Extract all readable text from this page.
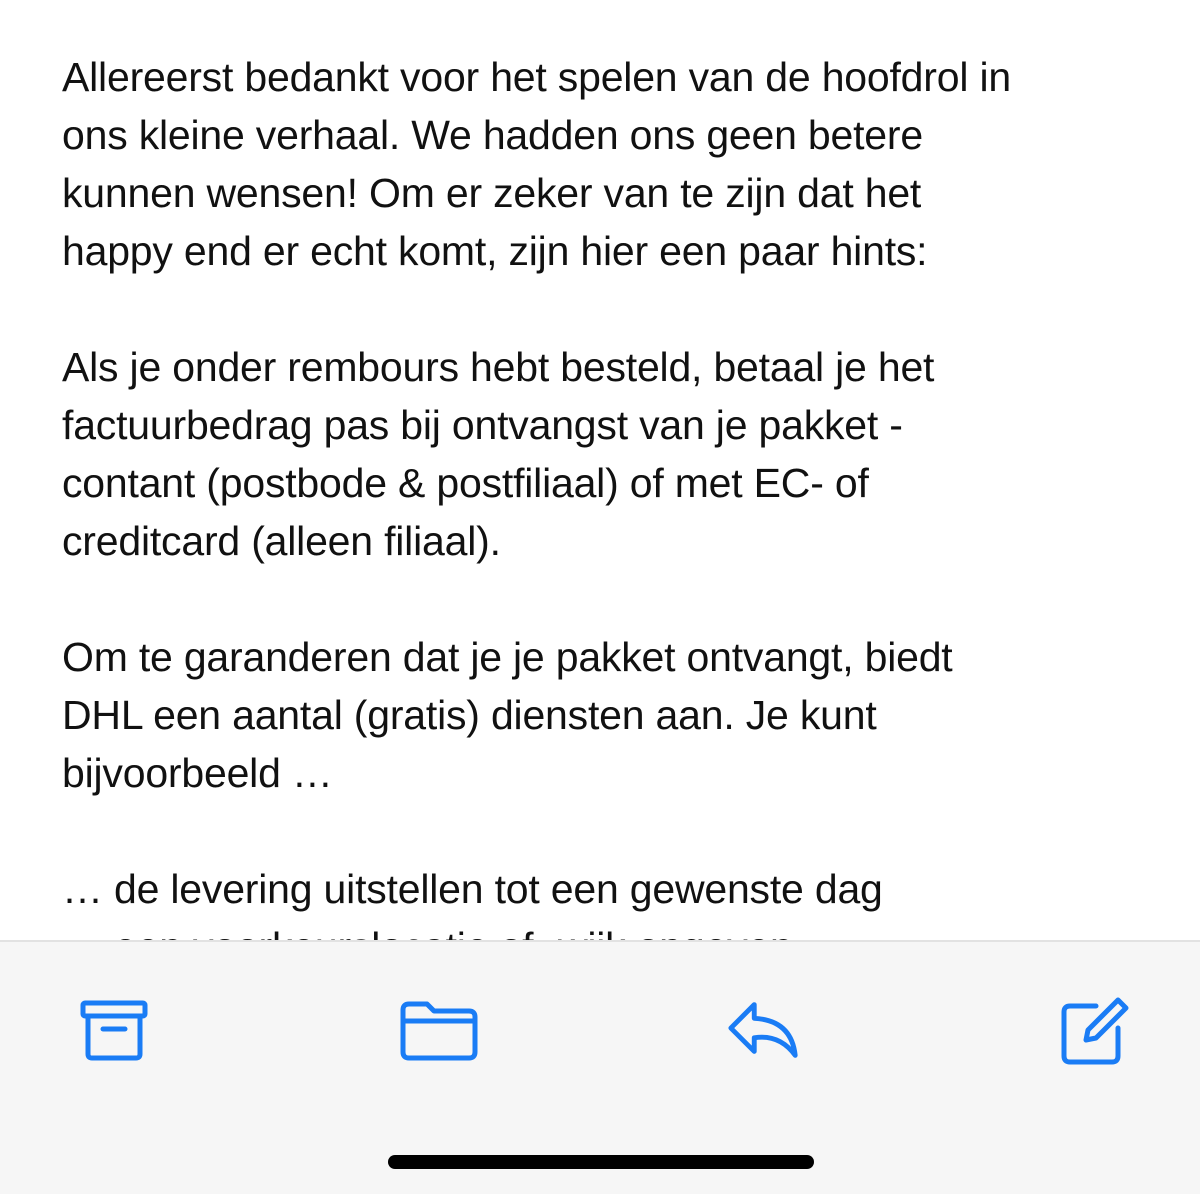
Allereerst bedankt voor het spelen van de hoofdrol in
ons kleine verhaal. We hadden ons geen betere
kunnen wensen! Om er zeker van te zijn dat het
happy end er echt komt, zijn hier een paar hints:
Als je onder rembours hebt besteld, betaal je het
factuurbedrag pas bij ontvangst van je pakket -
contant (postbode & postfiliaal) of met EC- of
creditcard (alleen filiaal).
Om te garanderen dat je je pakket ontvangt, biedt
DHL een aantal (gratis) diensten aan. Je kunt
bijvoorbeeld …
… de levering uitstellen tot een gewenste dag
